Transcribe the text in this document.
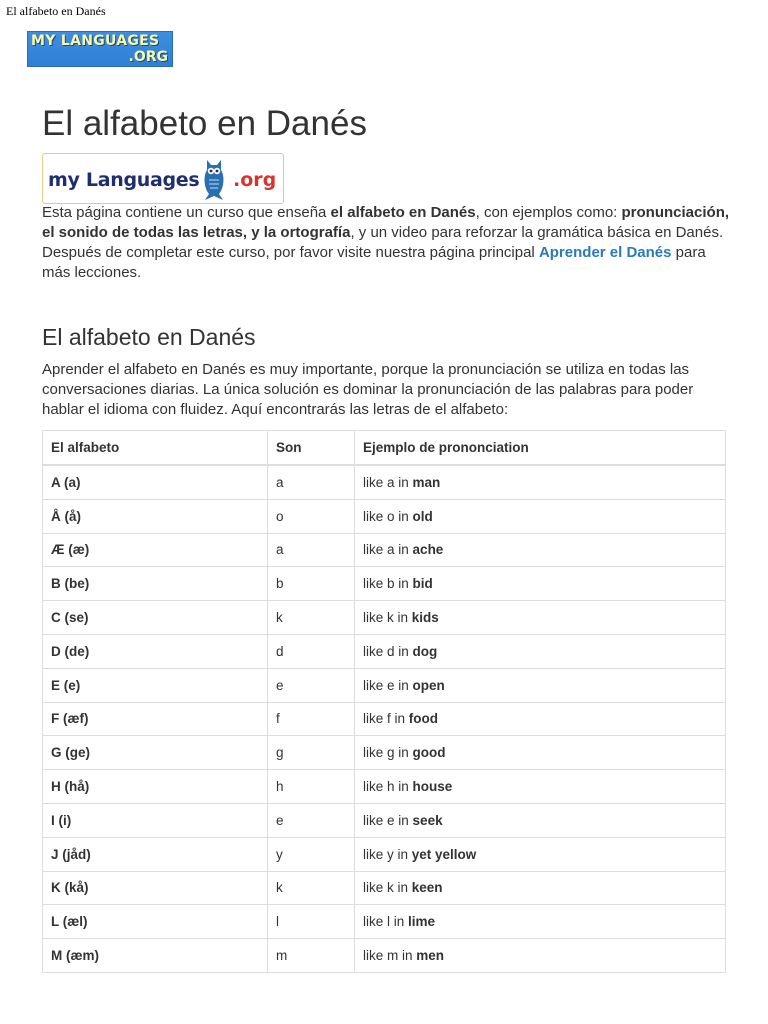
El alfabeto en Danés
MY LANGUAGES
.ORG
El alfabeto en Danés
my Languages .org

Esta página contiene un curso que enseña el alfabeto en Danés, con ejemplos como: pronunciación, el sonido de todas las letras, y la ortografía, y un video para reforzar la gramática básica en Danés. Después de completar este curso, por favor visite nuestra página principal Aprender el Danés para más lecciones.

El alfabeto en Danés

Aprender el alfabeto en Danés es muy importante, porque la pronunciación se utiliza en todas las conversaciones diarias. La única solución es dominar la pronunciación de las palabras para poder hablar el idioma con fluidez. Aquí encontrarás las letras de el alfabeto:

El alfabeto	Son	Ejemplo de prononciation
A (a)	a	like a in man
Å (å)	o	like o in old
Æ (æ)	a	like a in ache
B (be)	b	like b in bid
C (se)	k	like k in kids
D (de)	d	like d in dog
E (e)	e	like e in open
F (æf)	f	like f in food
G (ge)	g	like g in good
H (hå)	h	like h in house
I (i)	e	like e in seek
J (jåd)	y	like y in yet yellow
K (kå)	k	like k in keen
L (æl)	l	like l in lime
M (æm)	m	like m in men
